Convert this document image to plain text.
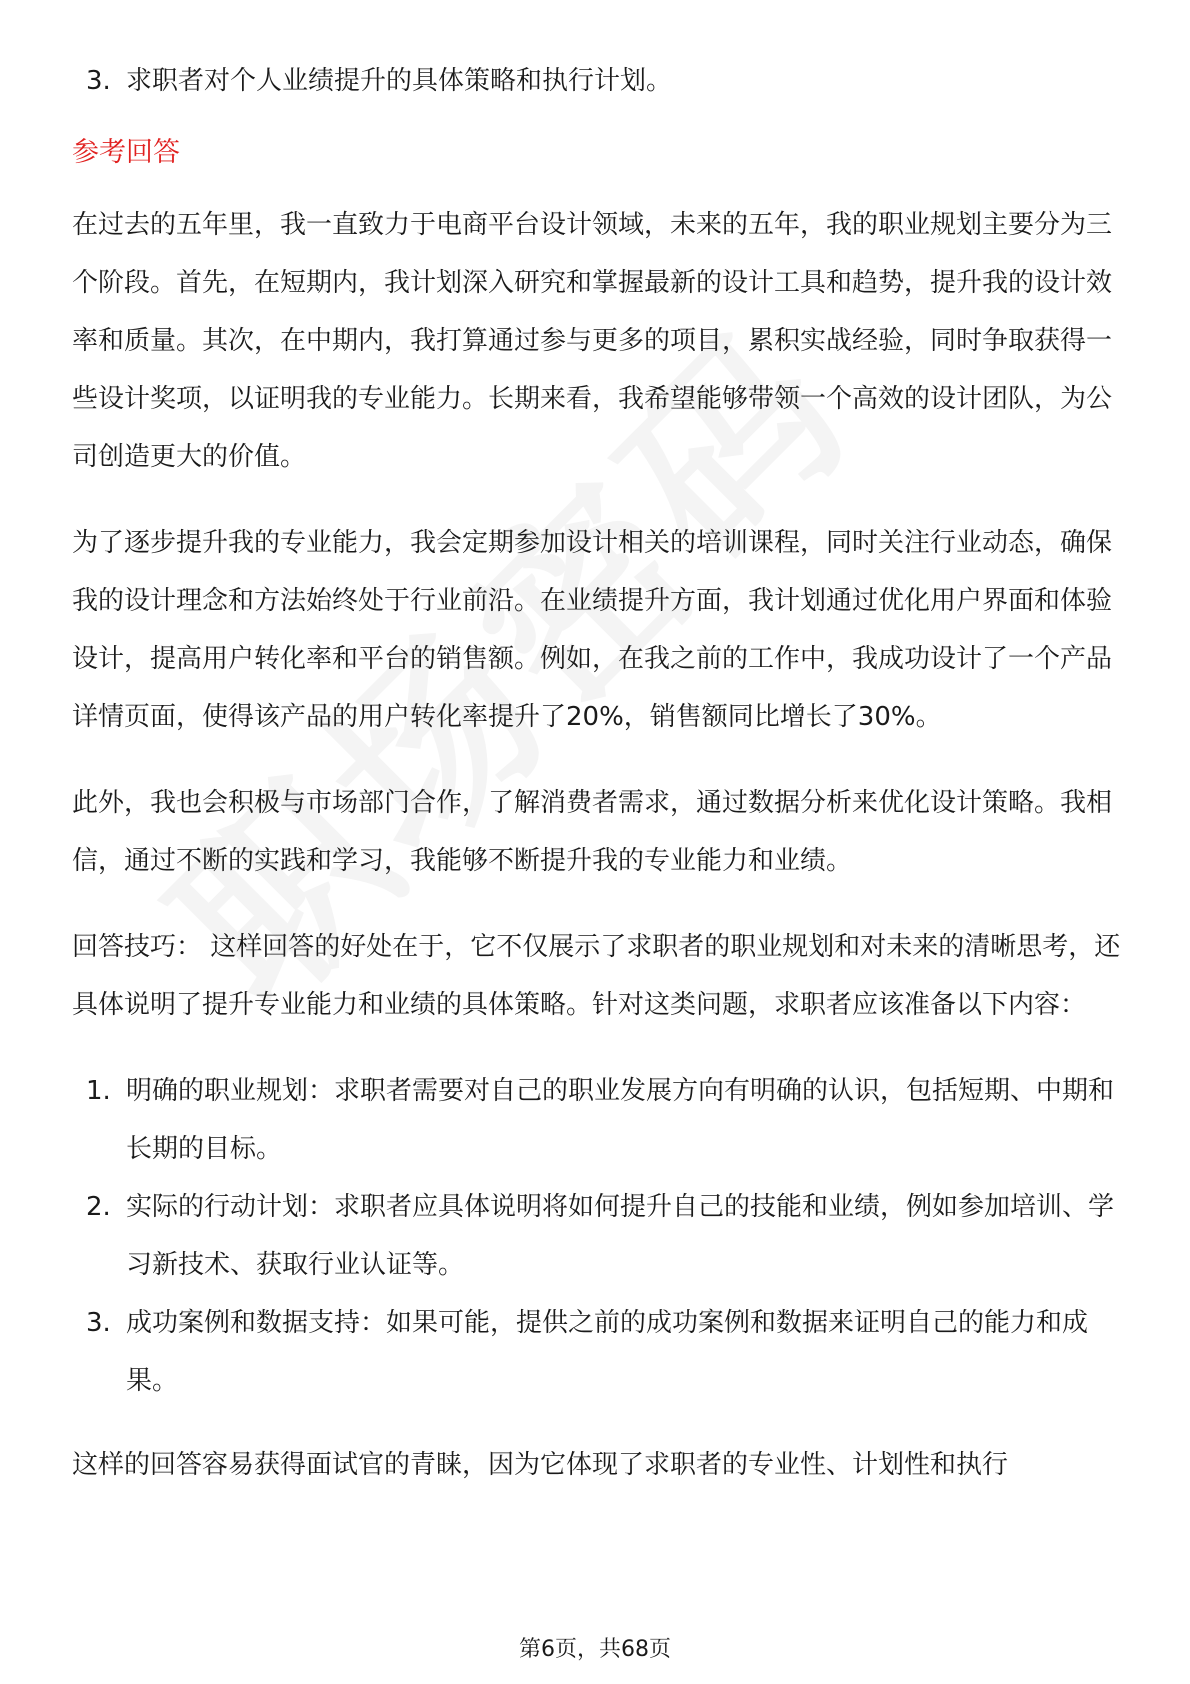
3. 求职者对个人业绩提升的具体策略和执行计划。
参考回答

在过去的五年里，我一直致力于电商平台设计领域，未来的五年，我的职业规划主要分为三个阶段。首先，在短期内，我计划深入研究和掌握最新的设计工具和趋势，提升我的设计效率和质量。其次，在中期内，我打算通过参与更多的项目，累积实战经验，同时争取获得一些设计奖项，以证明我的专业能力。长期来看，我希望能够带领一个高效的设计团队，为公司创造更大的价值。

为了逐步提升我的专业能力，我会定期参加设计相关的培训课程，同时关注行业动态，确保我的设计理念和方法始终处于行业前沿。在业绩提升方面，我计划通过优化用户界面和体验设计，提高用户转化率和平台的销售额。例如，在我之前的工作中，我成功设计了一个产品详情页面，使得该产品的用户转化率提升了20%，销售额同比增长了30%。

此外，我也会积极与市场部门合作，了解消费者需求，通过数据分析来优化设计策略。我相信，通过不断的实践和学习，我能够不断提升我的专业能力和业绩。

回答技巧： 这样回答的好处在于，它不仅展示了求职者的职业规划和对未来的清晰思考，还具体说明了提升专业能力和业绩的具体策略。针对这类问题，求职者应该准备以下内容：

1. 明确的职业规划：求职者需要对自己的职业发展方向有明确的认识，包括短期、中期和长期的目标。
2. 实际的行动计划：求职者应具体说明将如何提升自己的技能和业绩，例如参加培训、学习新技术、获取行业认证等。
3. 成功案例和数据支持：如果可能，提供之前的成功案例和数据来证明自己的能力和成果。

这样的回答容易获得面试官的青睐，因为它体现了求职者的专业性、计划性和执行

第6页，共68页
